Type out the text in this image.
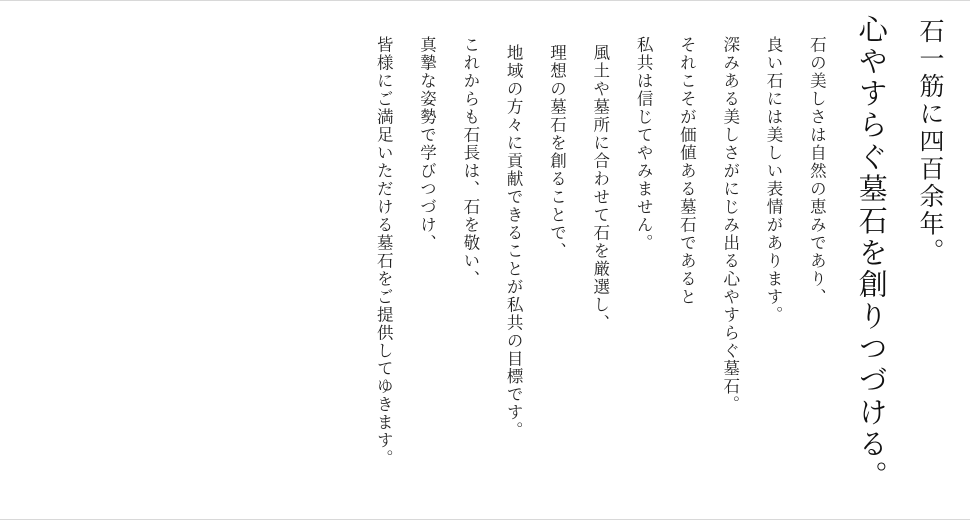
皆様にご満足いただける墓石をご提供してゆきます。 真摯な姿勢で学びつづけ、 これからも石長は、石を敬い、 地域の方々に貢献できることが私共の目標です。 理想の墓石を創ることで、 風土や墓所に合わせて石を厳選し、 私共は信じてやみません。 それこそが価値ある墓石であると 深みある美しさがにじみ出る心やすらぐ墓石。 良い石には美しい表情があります。 石の美しさは自然の恵みであり、 心やすらぐ墓石を創りつづける。 石一筋に四百余年。
